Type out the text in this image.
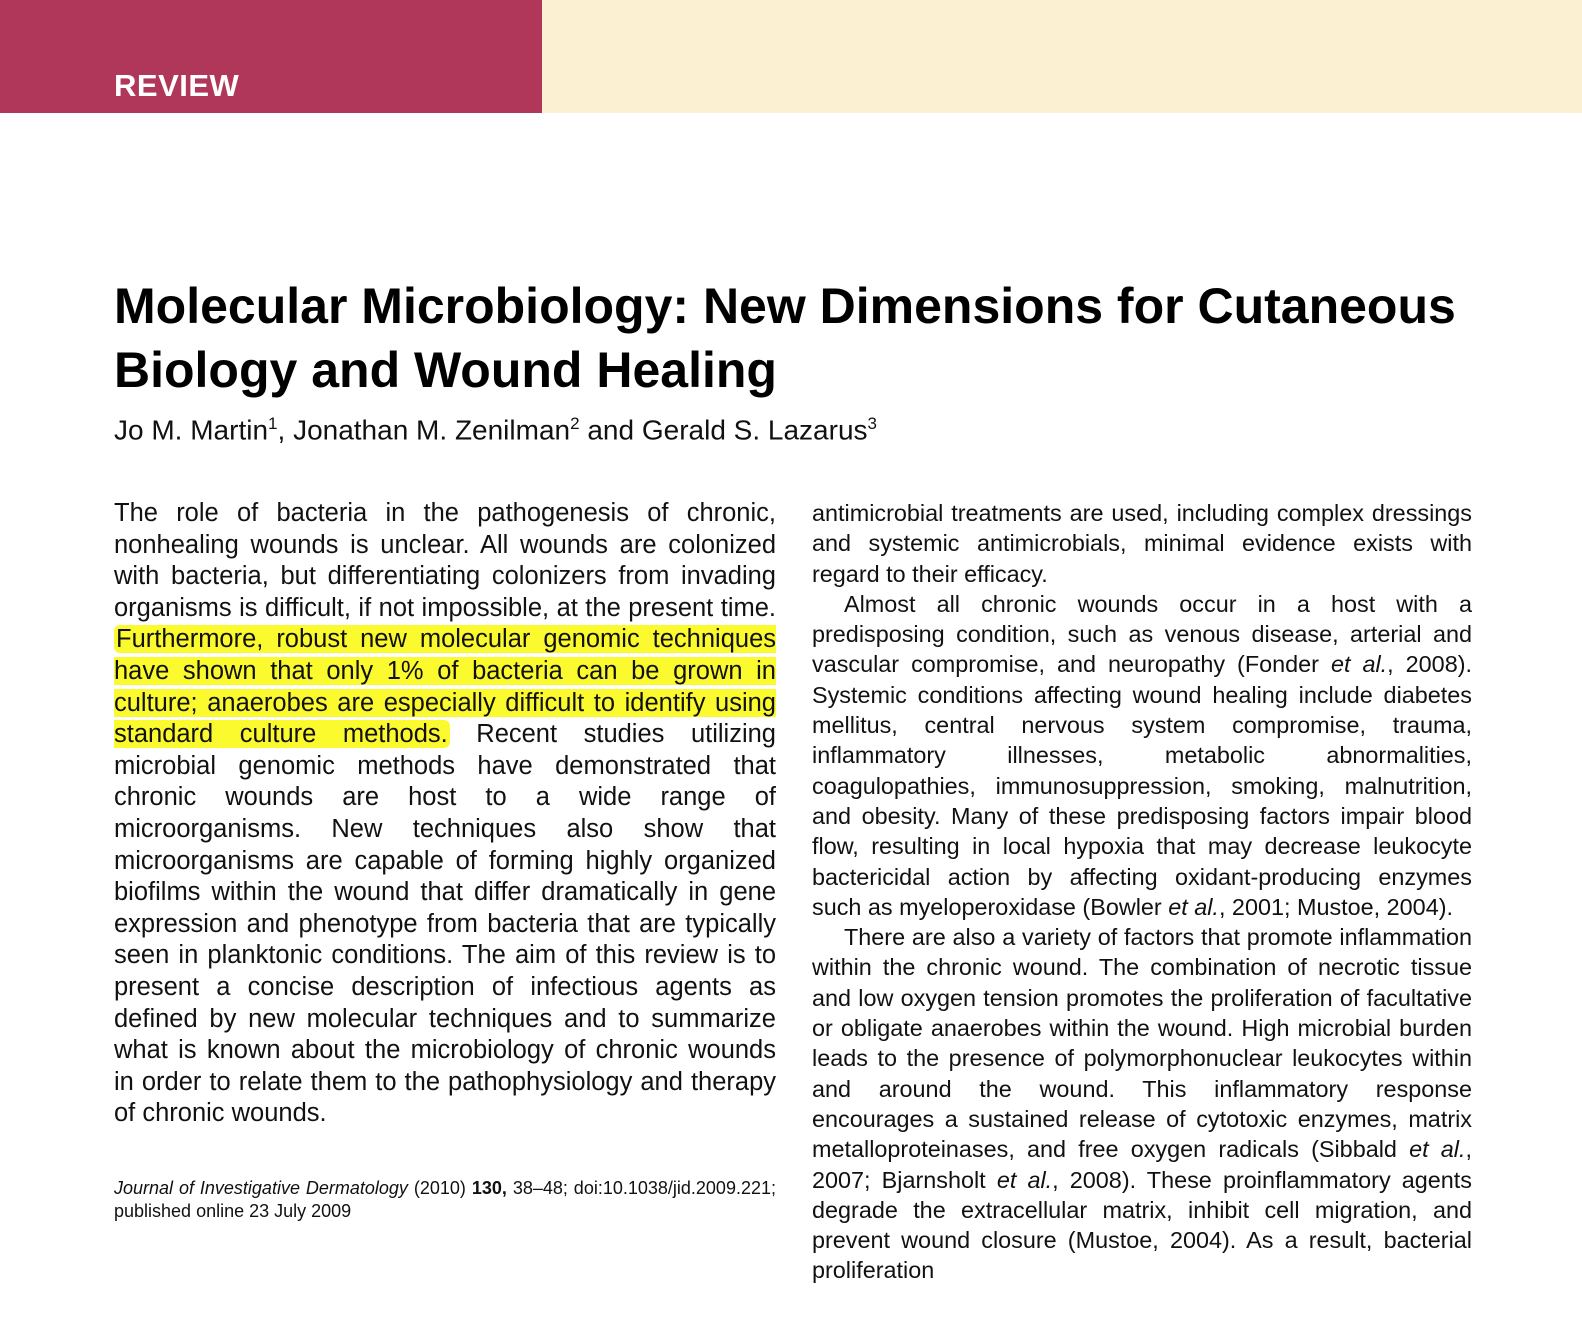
REVIEW
Molecular Microbiology: New Dimensions for Cutaneous Biology and Wound Healing
Jo M. Martin$^1$, Jonathan M. Zenilman$^2$ and Gerald S. Lazarus$^3$

The role of bacteria in the pathogenesis of chronic, nonhealing wounds is unclear. All wounds are colonized with bacteria, but differentiating colonizers from invading organisms is difficult, if not impossible, at the present time. Furthermore, robust new molecular genomic techniques have shown that only 1% of bacteria can be grown in culture; anaerobes are especially difficult to identify using standard culture methods. Recent studies utilizing microbial genomic methods have demonstrated that chronic wounds are host to a wide range of microorganisms. New techniques also show that microorganisms are capable of forming highly organized biofilms within the wound that differ dramatically in gene expression and phenotype from bacteria that are typically seen in planktonic conditions. The aim of this review is to present a concise description of infectious agents as defined by new molecular techniques and to summarize what is known about the microbiology of chronic wounds in order to relate them to the pathophysiology and therapy of chronic wounds.

Journal of Investigative Dermatology (2010) 130, 38–48; doi:10.1038/jid.2009.221; published online 23 July 2009

antimicrobial treatments are used, including complex dressings and systemic antimicrobials, minimal evidence exists with regard to their efficacy.

Almost all chronic wounds occur in a host with a predisposing condition, such as venous disease, arterial and vascular compromise, and neuropathy (Fonder et al., 2008). Systemic conditions affecting wound healing include diabetes mellitus, central nervous system compromise, trauma, inflammatory illnesses, metabolic abnormalities, coagulopathies, immunosuppression, smoking, malnutrition, and obesity. Many of these predisposing factors impair blood flow, resulting in local hypoxia that may decrease leukocyte bactericidal action by affecting oxidant-producing enzymes such as myeloperoxidase (Bowler et al., 2001; Mustoe, 2004).

There are also a variety of factors that promote inflammation within the chronic wound. The combination of necrotic tissue and low oxygen tension promotes the proliferation of facultative or obligate anaerobes within the wound. High microbial burden leads to the presence of polymorphonuclear leukocytes within and around the wound. This inflammatory response encourages a sustained release of cytotoxic enzymes, matrix metalloproteinases, and free oxygen radicals (Sibbald et al., 2007; Bjarnsholt et al., 2008). These proinflammatory agents degrade the extracellular matrix, inhibit cell migration, and prevent wound closure (Mustoe, 2004). As a result, bacterial proliferation
